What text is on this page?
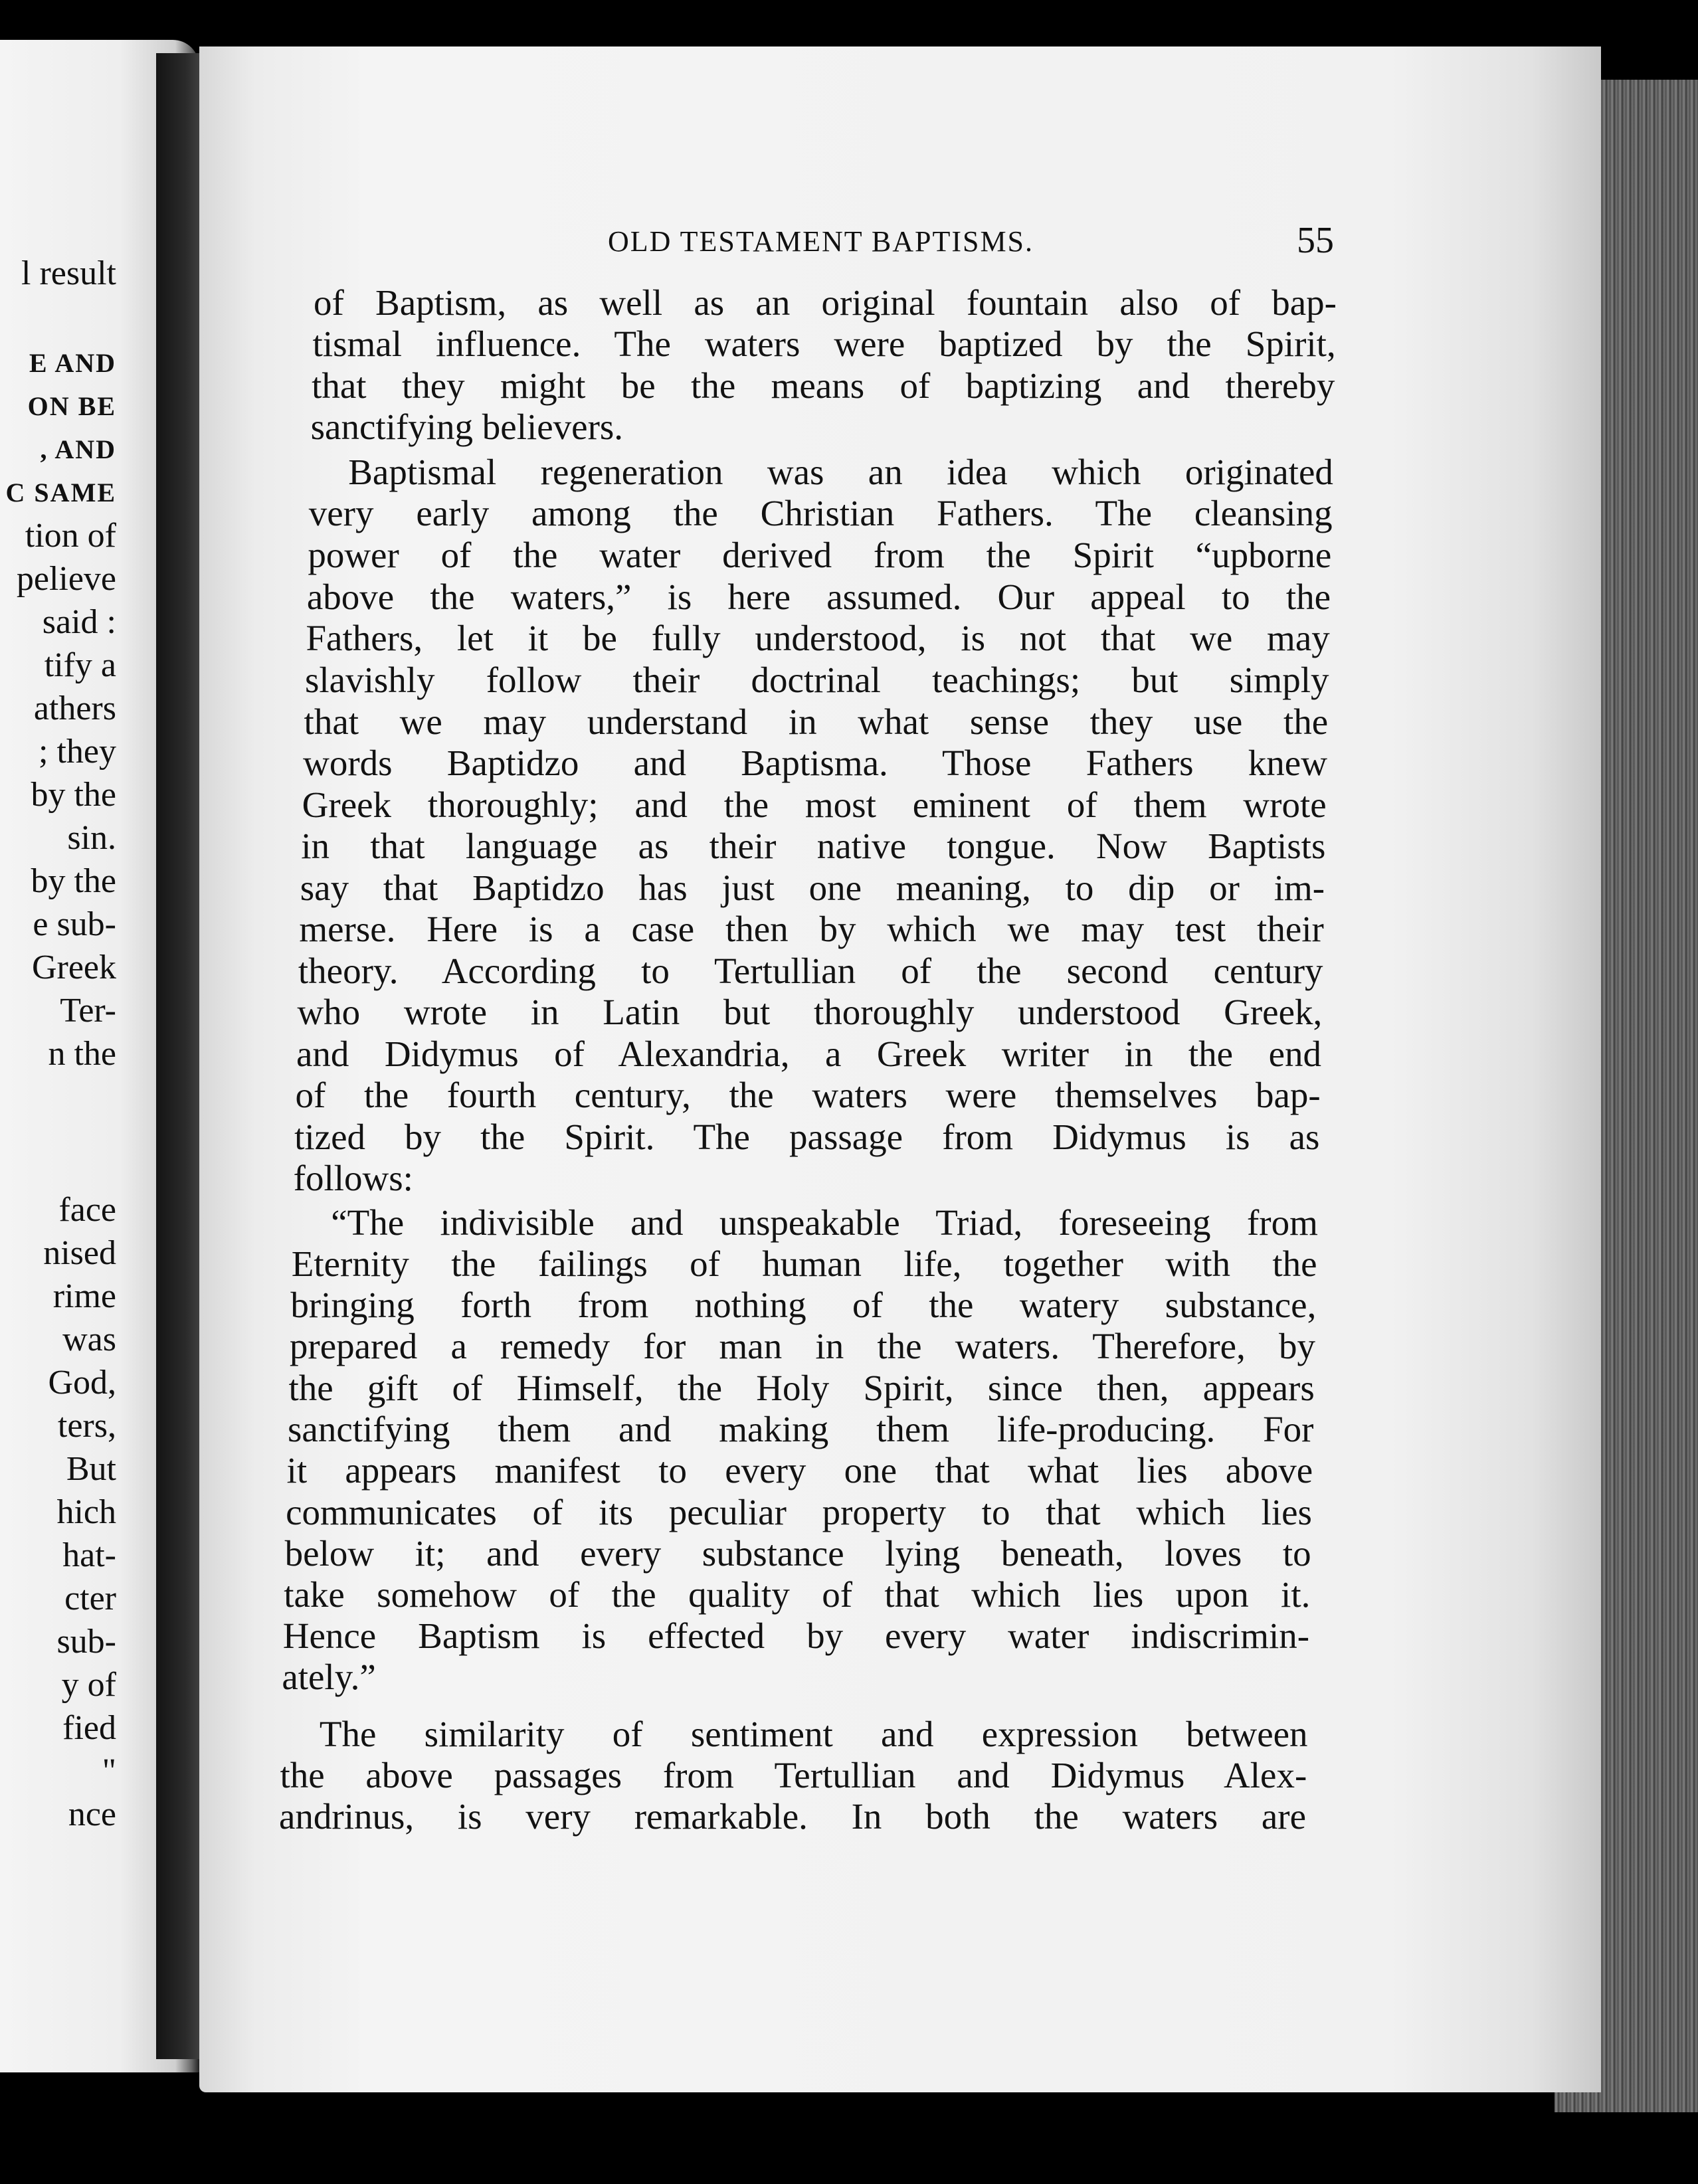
l result
E AND
ON BE
, AND
C SAME
tion of
pelieve
said :
tify a
athers
; they
by the
sin.
by the
e sub-
Greek
Ter-
n the
face
nised
rime
was
God,
ters,
But
hich
hat-
cter
sub-
y of
fied
"
nce
OLD TESTAMENT BAPTISMS.	55
of Baptism, as well as an original fountain also of bap-
tismal influence. The waters were baptized by the Spirit,
that they might be the means of baptizing and thereby
sanctifying believers.
Baptismal regeneration was an idea which originated
very early among the Christian Fathers. The cleansing
power of the water derived from the Spirit “upborne
above the waters,” is here assumed. Our appeal to the
Fathers, let it be fully understood, is not that we may
slavishly follow their doctrinal teachings; but simply
that we may understand in what sense they use the
words Baptidzo and Baptisma. Those Fathers knew
Greek thoroughly; and the most eminent of them wrote
in that language as their native tongue. Now Baptists
say that Baptidzo has just one meaning, to dip or im-
merse. Here is a case then by which we may test their
theory. According to Tertullian of the second century
who wrote in Latin but thoroughly understood Greek,
and Didymus of Alexandria, a Greek writer in the end
of the fourth century, the waters were themselves bap-
tized by the Spirit. The passage from Didymus is as
follows:
“The indivisible and unspeakable Triad, foreseeing from
Eternity the failings of human life, together with the
bringing forth from nothing of the watery substance,
prepared a remedy for man in the waters. Therefore, by
the gift of Himself, the Holy Spirit, since then, appears
sanctifying them and making them life-producing. For
it appears manifest to every one that what lies above
communicates of its peculiar property to that which lies
below it; and every substance lying beneath, loves to
take somehow of the quality of that which lies upon it.
Hence Baptism is effected by every water indiscrimin-
ately.”
The similarity of sentiment and expression between
the above passages from Tertullian and Didymus Alex-
andrinus, is very remarkable. In both the waters are
